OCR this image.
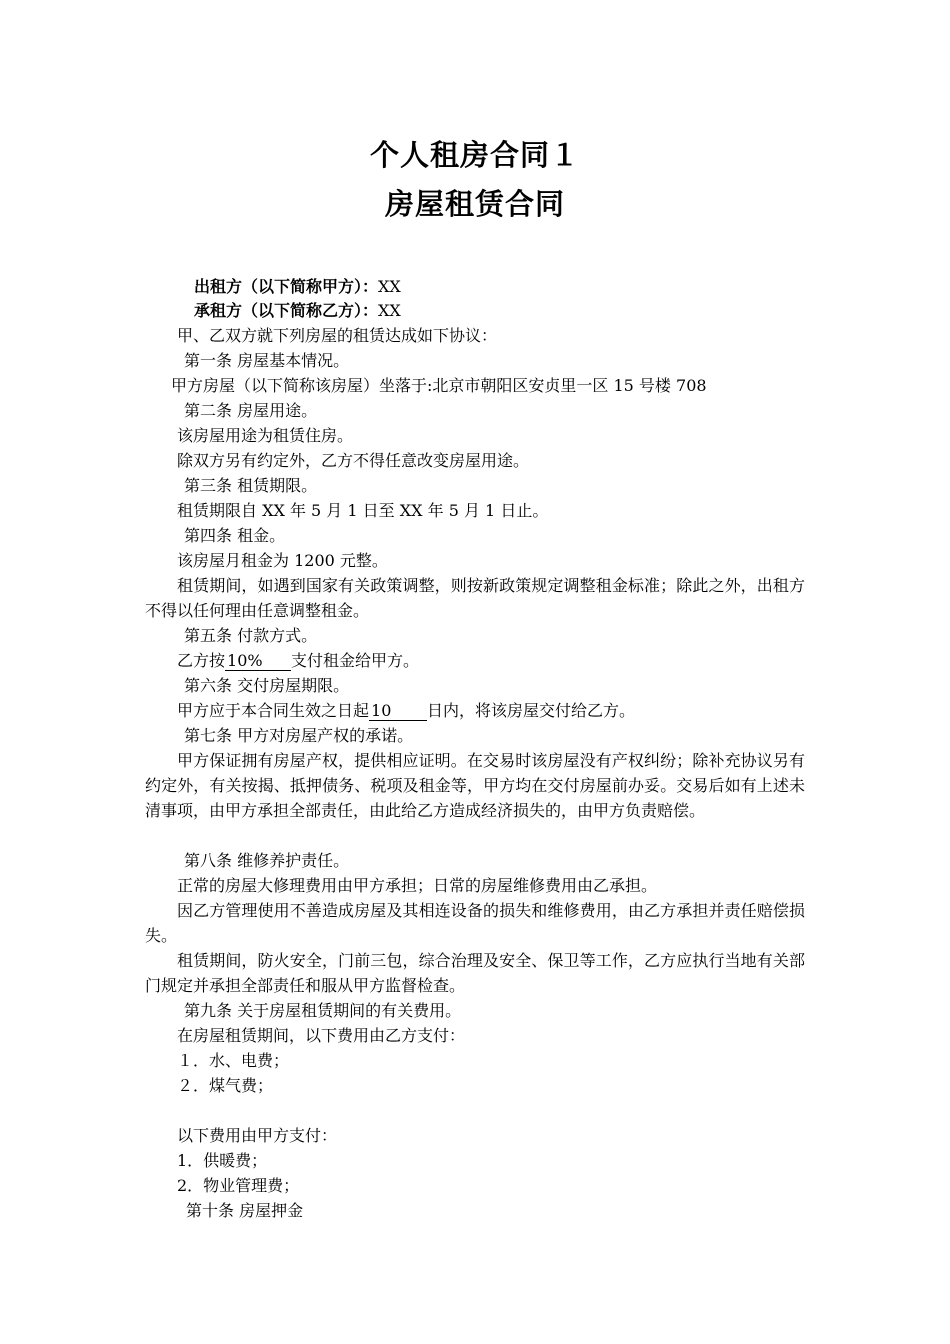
个人租房合同１
房屋租赁合同
出租方（以下简称甲方）：XX
承租方（以下简称乙方）：XX
甲、乙双方就下列房屋的租赁达成如下协议：
第一条 房屋基本情况。
甲方房屋（以下简称该房屋）坐落于:北京市朝阳区安贞里一区 15 号楼 708
第二条 房屋用途。
该房屋用途为租赁住房。
除双方另有约定外，乙方不得任意改变房屋用途。
第三条 租赁期限。
租赁期限自 XX 年 5 月 1 日至 XX 年 5 月 1 日止。
第四条 租金。
该房屋月租金为 1200 元整。
租赁期间，如遇到国家有关政策调整，则按新政策规定调整租金标准；除此之外，出租方不得以任何理由任意调整租金。
第五条 付款方式。
乙方按 10% 支付租金给甲方。
第六条 交付房屋期限。
甲方应于本合同生效之日起 10 日内，将该房屋交付给乙方。
第七条 甲方对房屋产权的承诺。
甲方保证拥有房屋产权，提供相应证明。在交易时该房屋没有产权纠纷；除补充协议另有约定外，有关按揭、抵押债务、税项及租金等，甲方均在交付房屋前办妥。交易后如有上述未清事项，由甲方承担全部责任，由此给乙方造成经济损失的，由甲方负责赔偿。
第八条 维修养护责任。
正常的房屋大修理费用由甲方承担；日常的房屋维修费用由乙承担。
因乙方管理使用不善造成房屋及其相连设备的损失和维修费用，由乙方承担并责任赔偿损失。
租赁期间，防火安全，门前三包，综合治理及安全、保卫等工作，乙方应执行当地有关部门规定并承担全部责任和服从甲方监督检查。
第九条 关于房屋租赁期间的有关费用。
在房屋租赁期间，以下费用由乙方支付：
１．水、电费；
２．煤气费；
以下费用由甲方支付：
1．供暖费；
2．物业管理费；
第十条 房屋押金
